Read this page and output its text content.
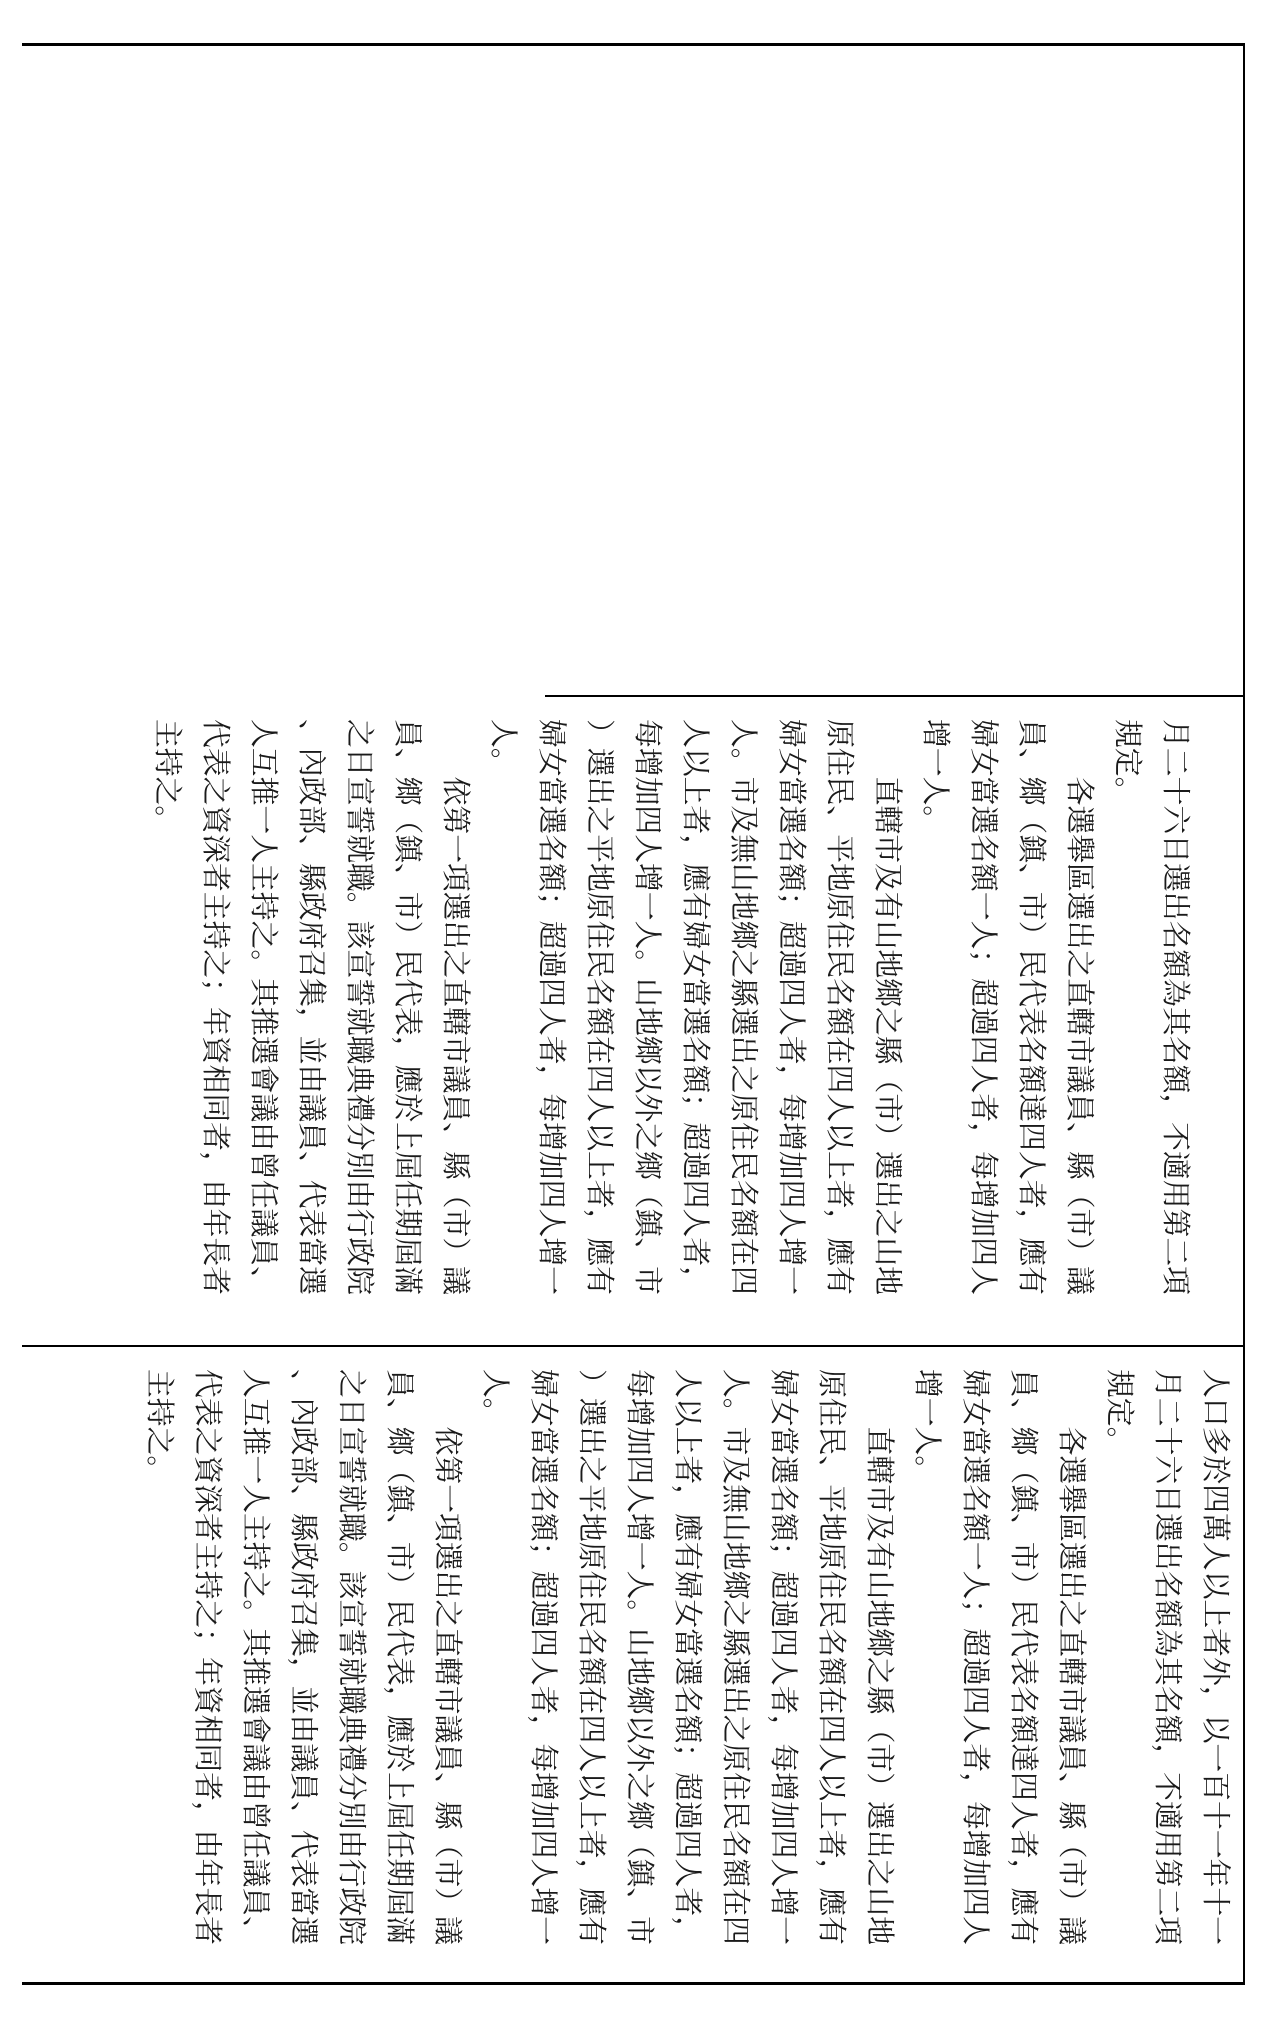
月二十六日選出名額為其名額，不適用第二項
規定。
　　各選舉區選出之直轄市議員、縣（市）議
員、鄉（鎮、市）民代表名額達四人者，應有
婦女當選名額一人；超過四人者，每增加四人
增一人。
　　直轄市及有山地鄉之縣（市）選出之山地
原住民、平地原住民名額在四人以上者，應有
婦女當選名額；超過四人者，每增加四人增一
人。市及無山地鄉之縣選出之原住民名額在四
人以上者，應有婦女當選名額；超過四人者，
每增加四人增一人。山地鄉以外之鄉（鎮、市
）選出之平地原住民名額在四人以上者，應有
婦女當選名額；超過四人者，每增加四人增一
人。
　　依第一項選出之直轄市議員、縣（市）議
員、鄉（鎮、市）民代表，應於上屆任期屆滿
之日宣誓就職。該宣誓就職典禮分別由行政院
、內政部、縣政府召集，並由議員、代表當選
人互推一人主持之。其推選會議由曾任議員、
代表之資深者主持之；年資相同者，由年長者
主持之。
人口多於四萬人以上者外，以一百十一年十一
月二十六日選出名額為其名額，不適用第二項
規定。
　　各選舉區選出之直轄市議員、縣（市）議
員、鄉（鎮、市）民代表名額達四人者，應有
婦女當選名額一人；超過四人者，每增加四人
增一人。
　　直轄市及有山地鄉之縣（市）選出之山地
原住民、平地原住民名額在四人以上者，應有
婦女當選名額；超過四人者，每增加四人增一
人。市及無山地鄉之縣選出之原住民名額在四
人以上者，應有婦女當選名額；超過四人者，
每增加四人增一人。山地鄉以外之鄉（鎮、市
）選出之平地原住民名額在四人以上者，應有
婦女當選名額；超過四人者，每增加四人增一
人。
　　依第一項選出之直轄市議員、縣（市）議
員、鄉（鎮、市）民代表，應於上屆任期屆滿
之日宣誓就職。該宣誓就職典禮分別由行政院
、內政部、縣政府召集，並由議員、代表當選
人互推一人主持之。其推選會議由曾任議員、
代表之資深者主持之；年資相同者，由年長者
主持之。
